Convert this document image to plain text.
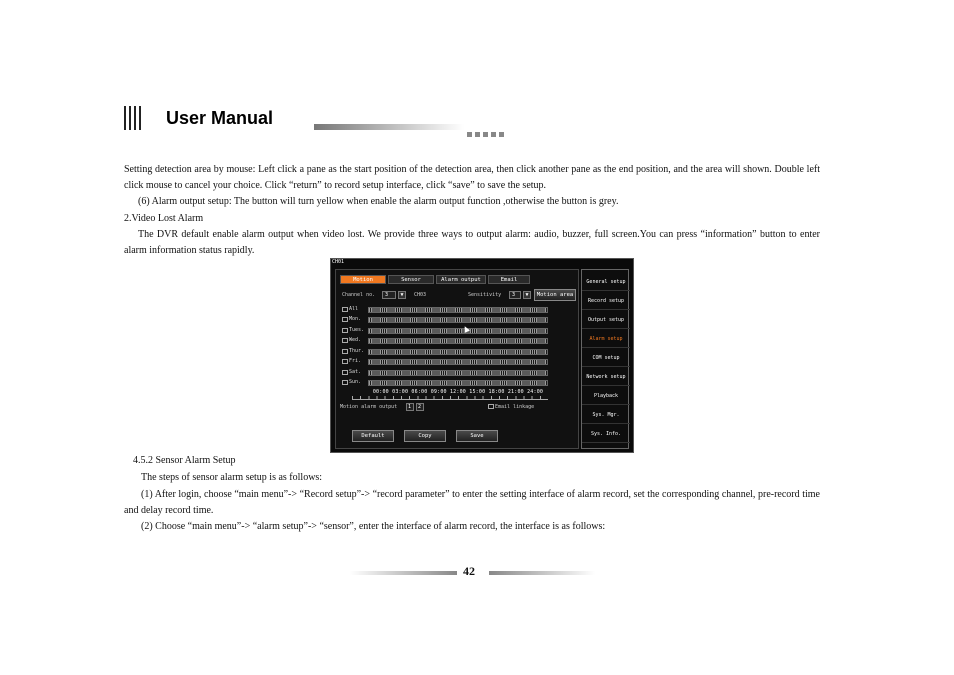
User Manual
Setting detection area by mouse: Left click a pane as the start position of the detection area, then click another pane as the end position, and the area will shown. Double left click mouse to cancel your choice. Click “return” to record setup interface, click “save” to save the setup.
(6) Alarm output setup: The button will turn yellow when enable the alarm output function ,otherwise the button is grey.
2.Video Lost Alarm
The DVR default enable alarm output when video lost. We provide three ways to output alarm: audio, buzzer, full screen.You can press “information” button to enter alarm information status rapidly.
CH01
Motion	Sensor	Alarm output	Email
Channel no.	3	▼	CH03	Sensitivity	3	▼	Motion area
All
Mon.
Tues.
Wed.
Thur.
Fri.
Sat.
Sun.
00:00 03:00 06:00 09:00 12:00 15:00 18:00 21:00 24:00
Motion alarm output	1	2	Email linkage
Default	Copy	Save
General setup
Record setup
Output setup
Alarm setup
COM setup
Network setup
Playback
Sys. Mgr.
Sys. Info.
4.5.2 Sensor Alarm Setup
The steps of sensor alarm setup is as follows:
(1) After login, choose “main menu”-> “Record setup”-> “record parameter” to enter the setting interface of alarm record, set the corresponding channel, pre-record time and delay record time.
(2) Choose “main menu”-> “alarm setup”-> “sensor”, enter the interface of alarm record, the interface is as follows:
42
